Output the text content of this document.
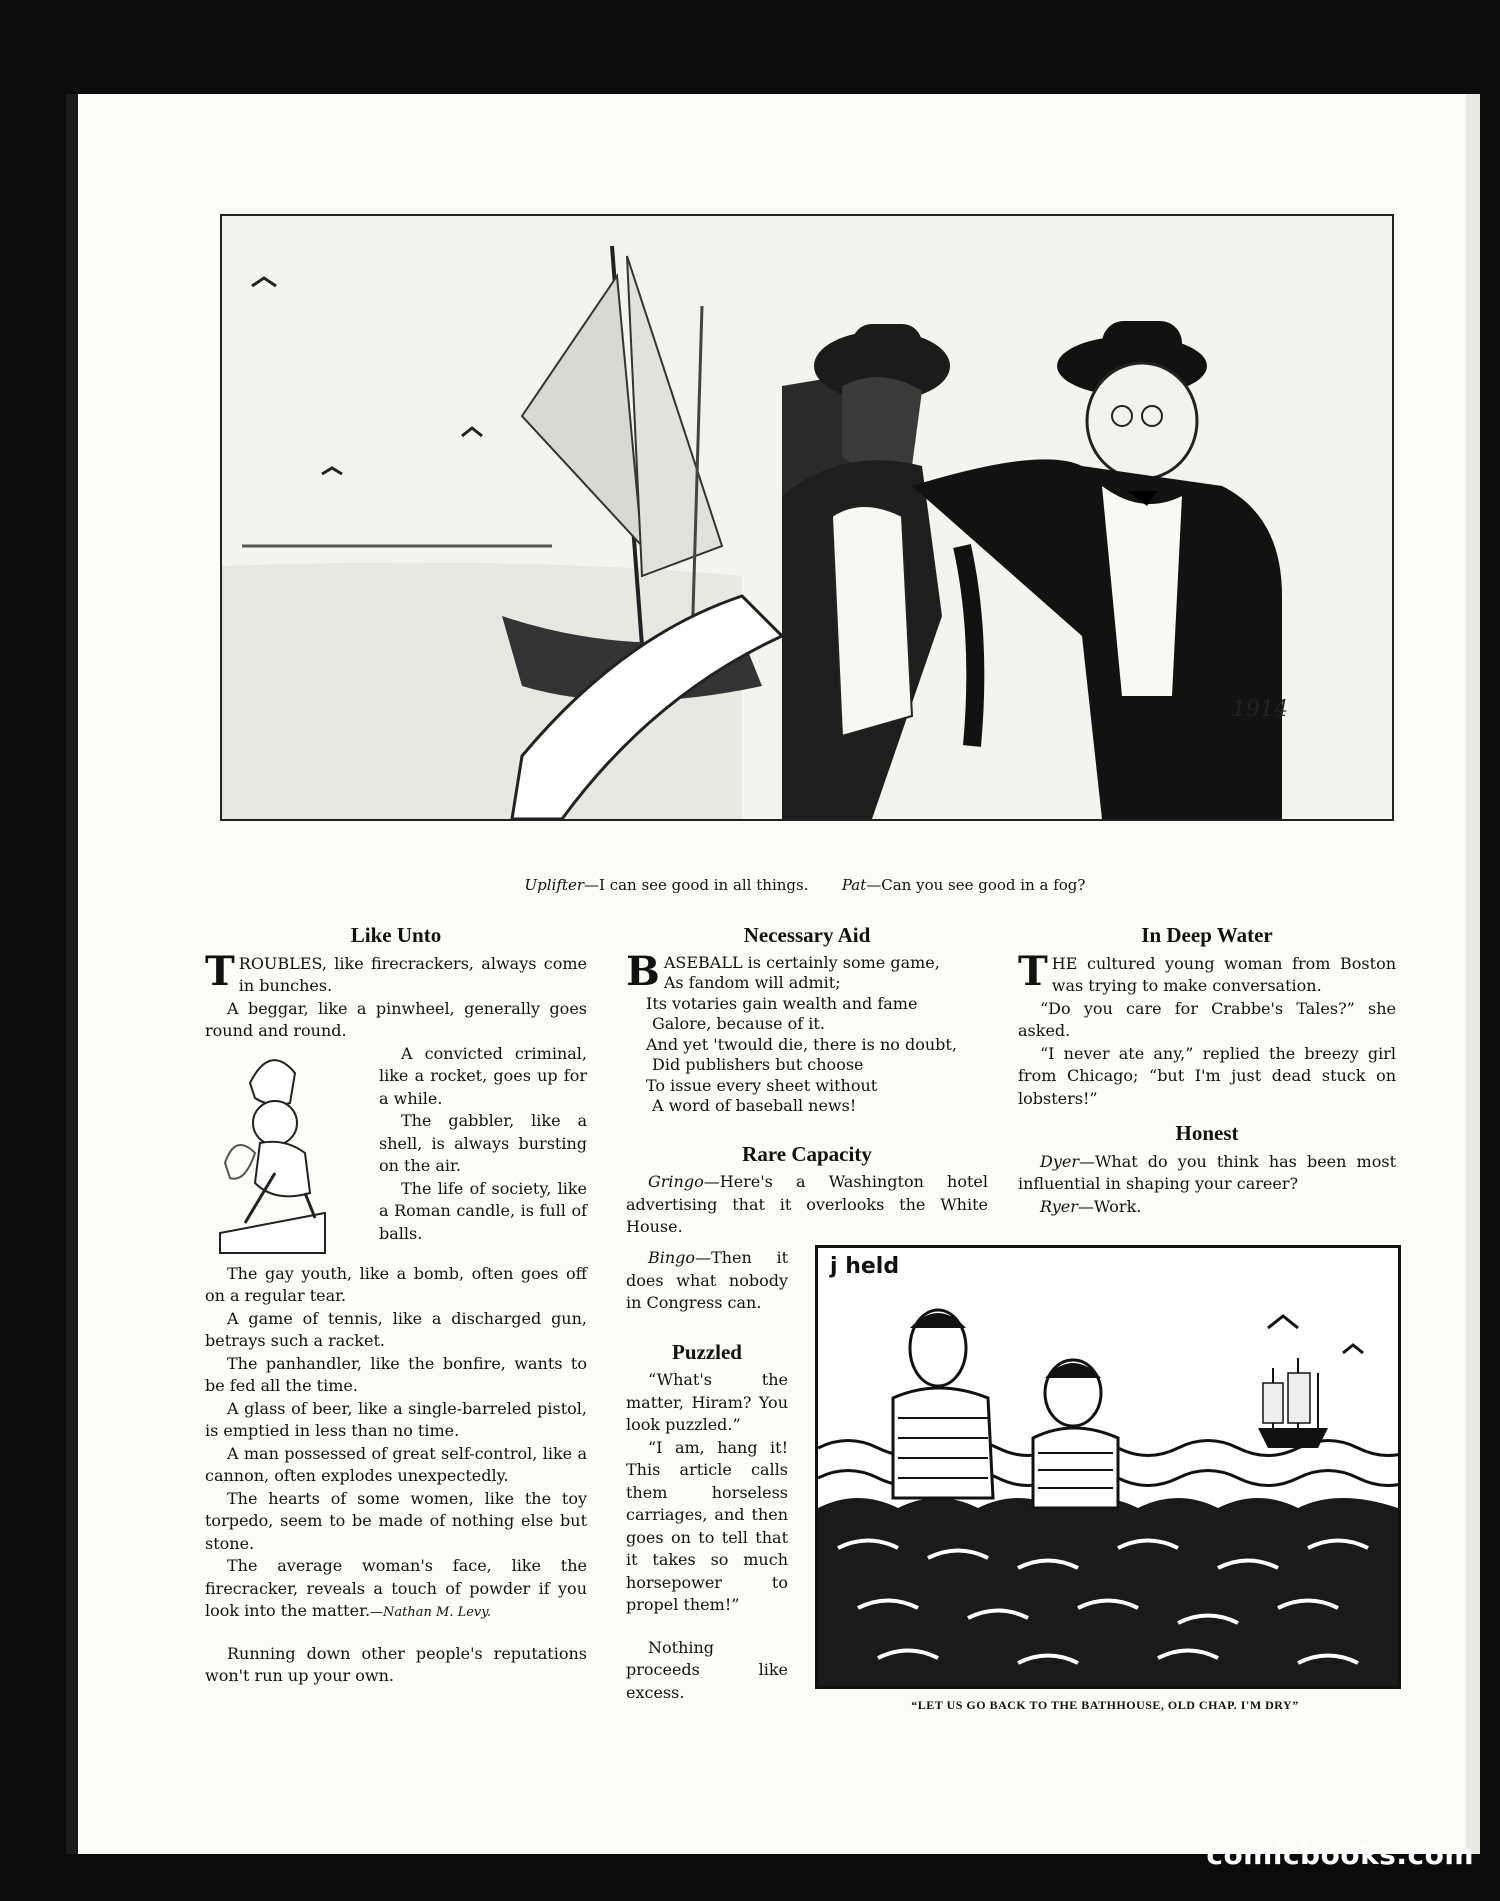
1914
Uplifter—I can see good in all things. Pat—Can you see good in a fog?
Like Unto

TROUBLES, like firecrackers, always come in bunches.

A beggar, like a pinwheel, generally goes round and round.

A convicted criminal, like a rocket, goes up for a while.

The gabbler, like a shell, is always bursting on the air.

The life of society, like a Roman candle, is full of balls.

The gay youth, like a bomb, often goes off on a regular tear.

A game of tennis, like a discharged gun, betrays such a racket.

The panhandler, like the bonfire, wants to be fed all the time.

A glass of beer, like a single-barreled pistol, is emptied in less than no time.

A man possessed of great self-control, like a cannon, often explodes unexpectedly.

The hearts of some women, like the toy torpedo, seem to be made of nothing else but stone.

The average woman's face, like the firecracker, reveals a touch of powder if you look into the matter.—Nathan M. Levy.

Running down other people's reputations won't run up your own.

Necessary Aid
BASEBALL is certainly some game,
As fandom will admit;
Its votaries gain wealth and fame
Galore, because of it.
And yet 'twould die, there is no doubt,
Did publishers but choose
To issue every sheet without
A word of baseball news!
Rare Capacity

Gringo—Here's a Washington hotel advertising that it overlooks the White House.

Bingo—Then it does what nobody in Congress can.

Puzzled

“What's the matter, Hiram? You look puzzled.”

“I am, hang it! This article calls them horseless carriages, and then goes on to tell that it takes so much horsepower to propel them!”

Nothing proceeds like excess.

In Deep Water

THE cultured young woman from Boston was trying to make conversation.

“Do you care for Crabbe's Tales?” she asked.

“I never ate any,” replied the breezy girl from Chicago; “but I'm just dead stuck on lobsters!”

Honest

Dyer—What do you think has been most influential in shaping your career?

Ryer—Work.

j held
“LET US GO BACK TO THE BATHHOUSE, OLD CHAP. I'M DRY”
comicbooks.com
